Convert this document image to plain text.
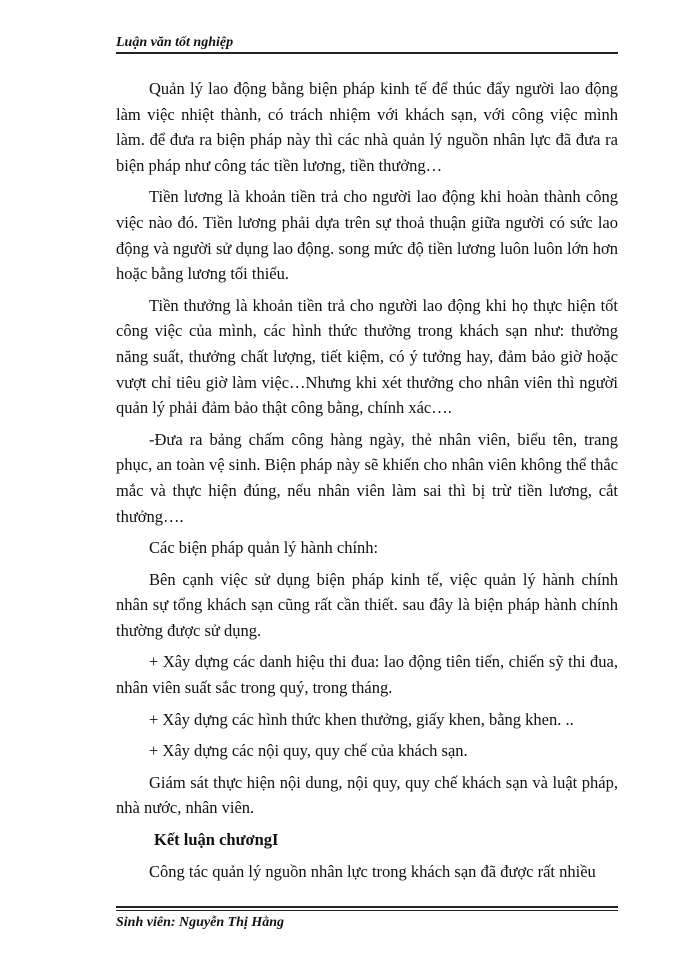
Luận văn tốt nghiệp

Quản lý lao động bằng biện pháp kinh tế để thúc đẩy người lao động làm việc nhiệt thành, có trách nhiệm với khách sạn, với công việc mình làm. để đưa ra biện pháp này thì các nhà quản lý nguồn nhân lực đã đưa ra biện pháp như công tác tiền lương, tiền thưởng…

Tiền lương là khoản tiền trả cho người lao động khi hoàn thành công việc nào đó. Tiền lương phải dựa trên sự thoả thuận giữa người có sức lao động và người sử dụng lao động. song mức độ tiền lương luôn luôn lớn hơn hoặc bằng lương tối thiểu.

Tiền thưởng là khoản tiền trả cho người lao động khi họ thực hiện tốt công việc của mình, các hình thức thưởng trong khách sạn như: thưởng năng suất, thưởng chất lượng, tiết kiệm, có ý tưởng hay, đảm bảo giờ hoặc vượt chỉ tiêu giờ làm việc…Nhưng khi xét thưởng cho nhân viên thì người quản lý phải đảm bảo thật công bằng, chính xác….

-Đưa ra bảng chấm công hàng ngày, thẻ nhân viên, biểu tên, trang phục, an toàn vệ sinh. Biện pháp này sẽ khiến cho nhân viên không thể thắc mắc và thực hiện đúng, nếu nhân viên làm sai thì bị trừ tiền lương, cắt thưởng….

Các biện pháp quản lý hành chính:

Bên cạnh việc sử dụng biện pháp kinh tế, việc quản lý hành chính nhân sự tổng khách sạn cũng rất cần thiết. sau đây là biện pháp hành chính thường được sử dụng.

+ Xây dựng các danh hiệu thi đua: lao động tiên tiến, chiến sỹ thi đua, nhân viên suất sắc trong quý, trong tháng.

+ Xây dựng các hình thức khen thưởng, giấy khen, bằng khen. ..

+ Xây dựng các nội quy, quy chế của khách sạn.

Giám sát thực hiện nội dung, nội quy, quy chế khách sạn và luật pháp, nhà nước, nhân viên.

Kết luận chươngI

Công tác quản lý nguồn nhân lực trong khách sạn đã được rất nhiều

Sinh viên: Nguyễn Thị Hằng
